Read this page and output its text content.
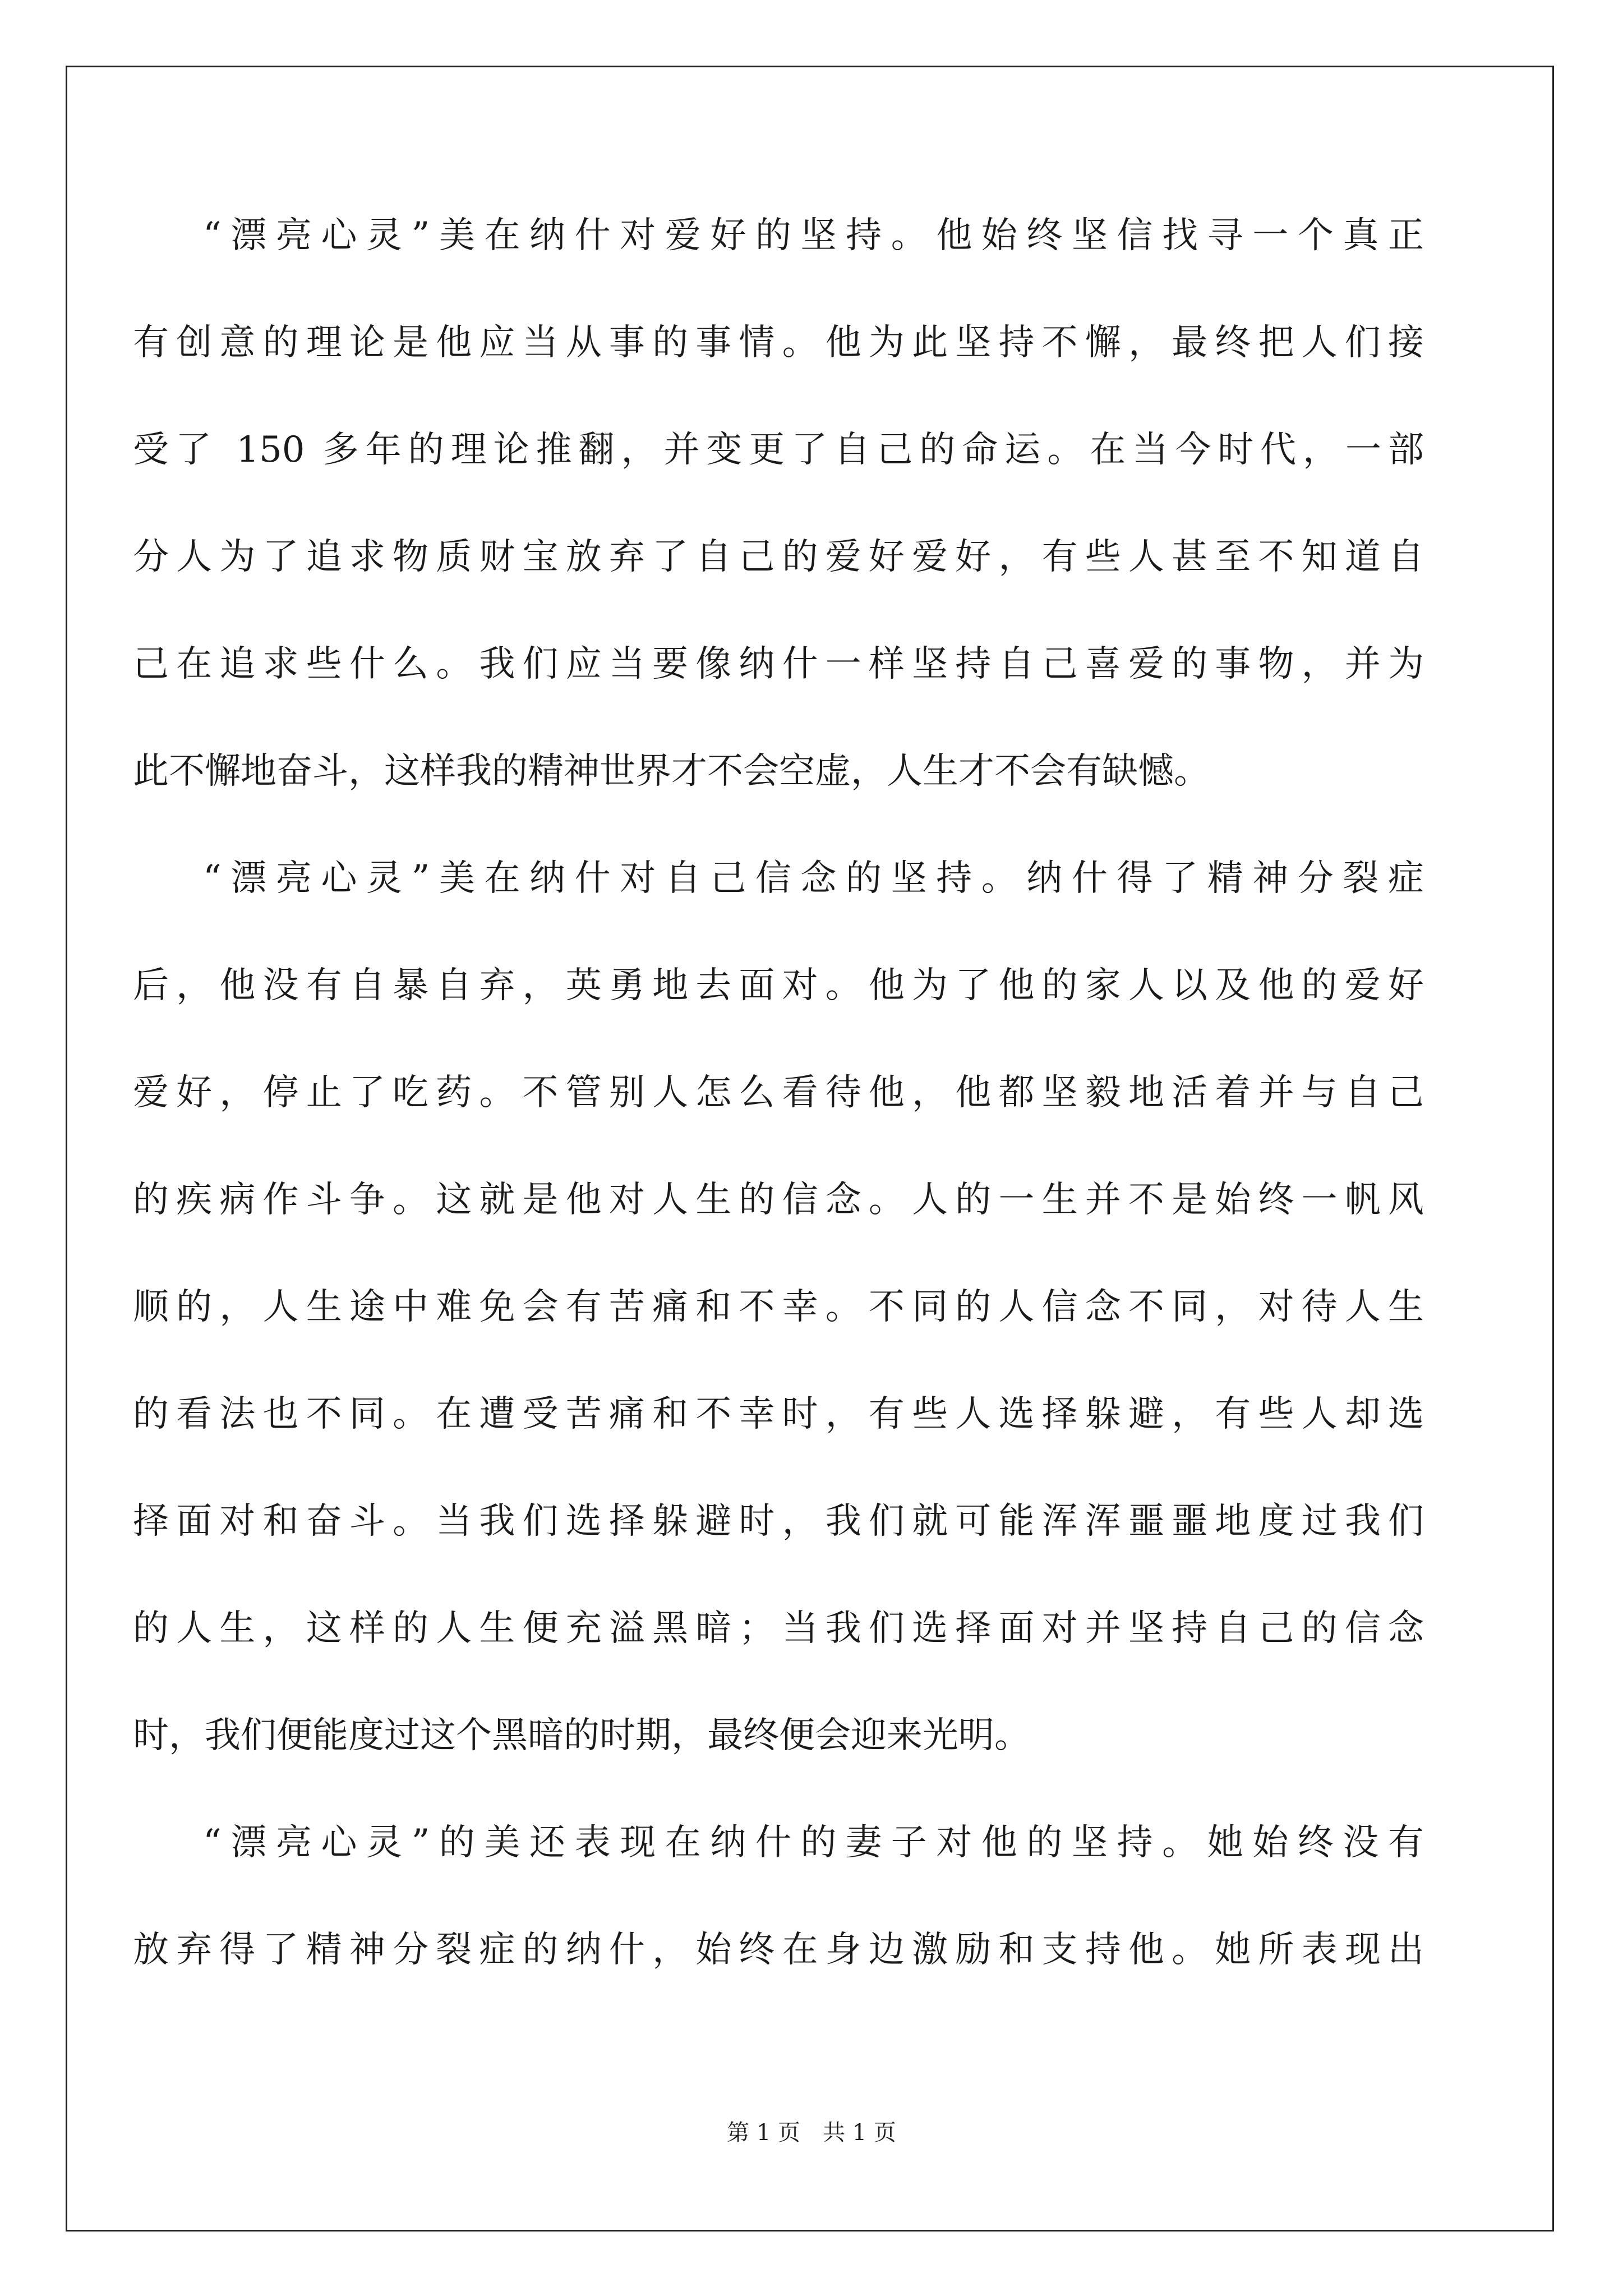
“漂亮心灵”美在纳什对爱好的坚持。他始终坚信找寻一个真正
有创意的理论是他应当从事的事情。他为此坚持不懈，最终把人们接
受了 150 多年的理论推翻，并变更了自己的命运。在当今时代，一部
分人为了追求物质财宝放弃了自己的爱好爱好，有些人甚至不知道自
己在追求些什么。我们应当要像纳什一样坚持自己喜爱的事物，并为
此不懈地奋斗，这样我的精神世界才不会空虚，人生才不会有缺憾。
“漂亮心灵”美在纳什对自己信念的坚持。纳什得了精神分裂症
后，他没有自暴自弃，英勇地去面对。他为了他的家人以及他的爱好
爱好，停止了吃药。不管别人怎么看待他，他都坚毅地活着并与自己
的疾病作斗争。这就是他对人生的信念。人的一生并不是始终一帆风
顺的，人生途中难免会有苦痛和不幸。不同的人信念不同，对待人生
的看法也不同。在遭受苦痛和不幸时，有些人选择躲避，有些人却选
择面对和奋斗。当我们选择躲避时，我们就可能浑浑噩噩地度过我们
的人生，这样的人生便充溢黑暗；当我们选择面对并坚持自己的信念
时，我们便能度过这个黑暗的时期，最终便会迎来光明。
“漂亮心灵”的美还表现在纳什的妻子对他的坚持。她始终没有
放弃得了精神分裂症的纳什，始终在身边激励和支持他。她所表现出
第 1 页 共 1 页
